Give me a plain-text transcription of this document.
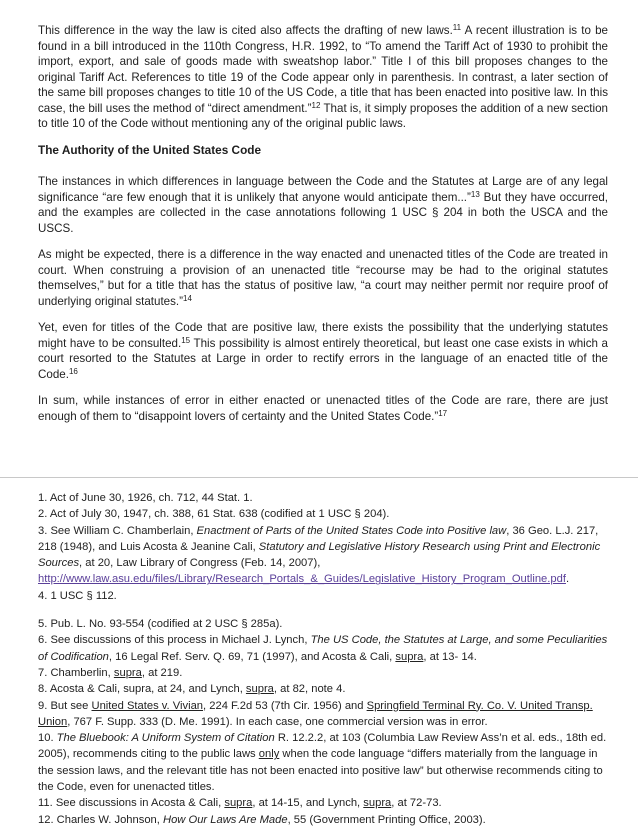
This difference in the way the law is cited also affects the drafting of new laws.$^{11}$ A recent illustration is to be found in a bill introduced in the 110th Congress, H.R. 1992, to “To amend the Tariff Act of 1930 to prohibit the import, export, and sale of goods made with sweatshop labor.” Title I of this bill proposes changes to the original Tariff Act. References to title 19 of the Code appear only in parenthesis. In contrast, a later section of the same bill proposes changes to title 10 of the US Code, a title that has been enacted into positive law. In this case, the bill uses the method of “direct amendment.”$^{12}$ That is, it simply proposes the addition of a new section to title 10 of the Code without mentioning any of the original public laws.

The Authority of the United States Code

The instances in which differences in language between the Code and the Statutes at Large are of any legal significance “are few enough that it is unlikely that anyone would anticipate them...”$^{13}$ But they have occurred, and the examples are collected in the case annotations following 1 USC § 204 in both the USCA and the USCS.

As might be expected, there is a difference in the way enacted and unenacted titles of the Code are treated in court. When construing a provision of an unenacted title “recourse may be had to the original statutes themselves,” but for a title that has the status of positive law, “a court may neither permit nor require proof of underlying original statutes.”$^{14}$

Yet, even for titles of the Code that are positive law, there exists the possibility that the underlying statutes might have to be consulted.$^{15}$ This possibility is almost entirely theoretical, but least one case exists in which a court resorted to the Statutes at Large in order to rectify errors in the language of an enacted title of the Code.$^{16}$

In sum, while instances of error in either enacted or unenacted titles of the Code are rare, there are just enough of them to “disappoint lovers of certainty and the United States Code.”$^{17}$

1. Act of June 30, 1926, ch. 712, 44 Stat. 1.
2. Act of July 30, 1947, ch. 388, 61 Stat. 638 (codified at 1 USC § 204).
3. See William C. Chamberlain, Enactment of Parts of the United States Code into Positive law, 36 Geo. L.J. 217, 218 (1948), and Luis Acosta & Jeanine Cali, Statutory and Legislative History Research using Print and Electronic Sources, at 20, Law Library of Congress (Feb. 14, 2007), http://www.law.asu.edu/files/Library/Research_Portals_&_Guides/Legislative_History_Program_Outline.pdf.
4. 1 USC § 112.
5. Pub. L. No. 93-554 (codified at 2 USC § 285a).
6. See discussions of this process in Michael J. Lynch, The US Code, the Statutes at Large, and some Peculiarities of Codification, 16 Legal Ref. Serv. Q. 69, 71 (1997), and Acosta & Cali, supra, at 13- 14.
7. Chamberlin, supra, at 219.
8. Acosta & Cali, supra, at 24, and Lynch, supra, at 82, note 4.
9. But see United States v. Vivian, 224 F.2d 53 (7th Cir. 1956) and Springfield Terminal Ry. Co. V. United Transp. Union, 767 F. Supp. 333 (D. Me. 1991). In each case, one commercial version was in error.
10. The Bluebook: A Uniform System of Citation R. 12.2.2, at 103 (Columbia Law Review Ass’n et al. eds., 18th ed. 2005), recommends citing to the public laws only when the code language “differs materially from the language in the session laws, and the relevant title has not been enacted into positive law” but otherwise recommends citing to the Code, even for unenacted titles.
11. See discussions in Acosta & Cali, supra, at 14-15, and Lynch, supra, at 72-73.
12. Charles W. Johnson, How Our Laws Are Made, 55 (Government Printing Office, 2003).
